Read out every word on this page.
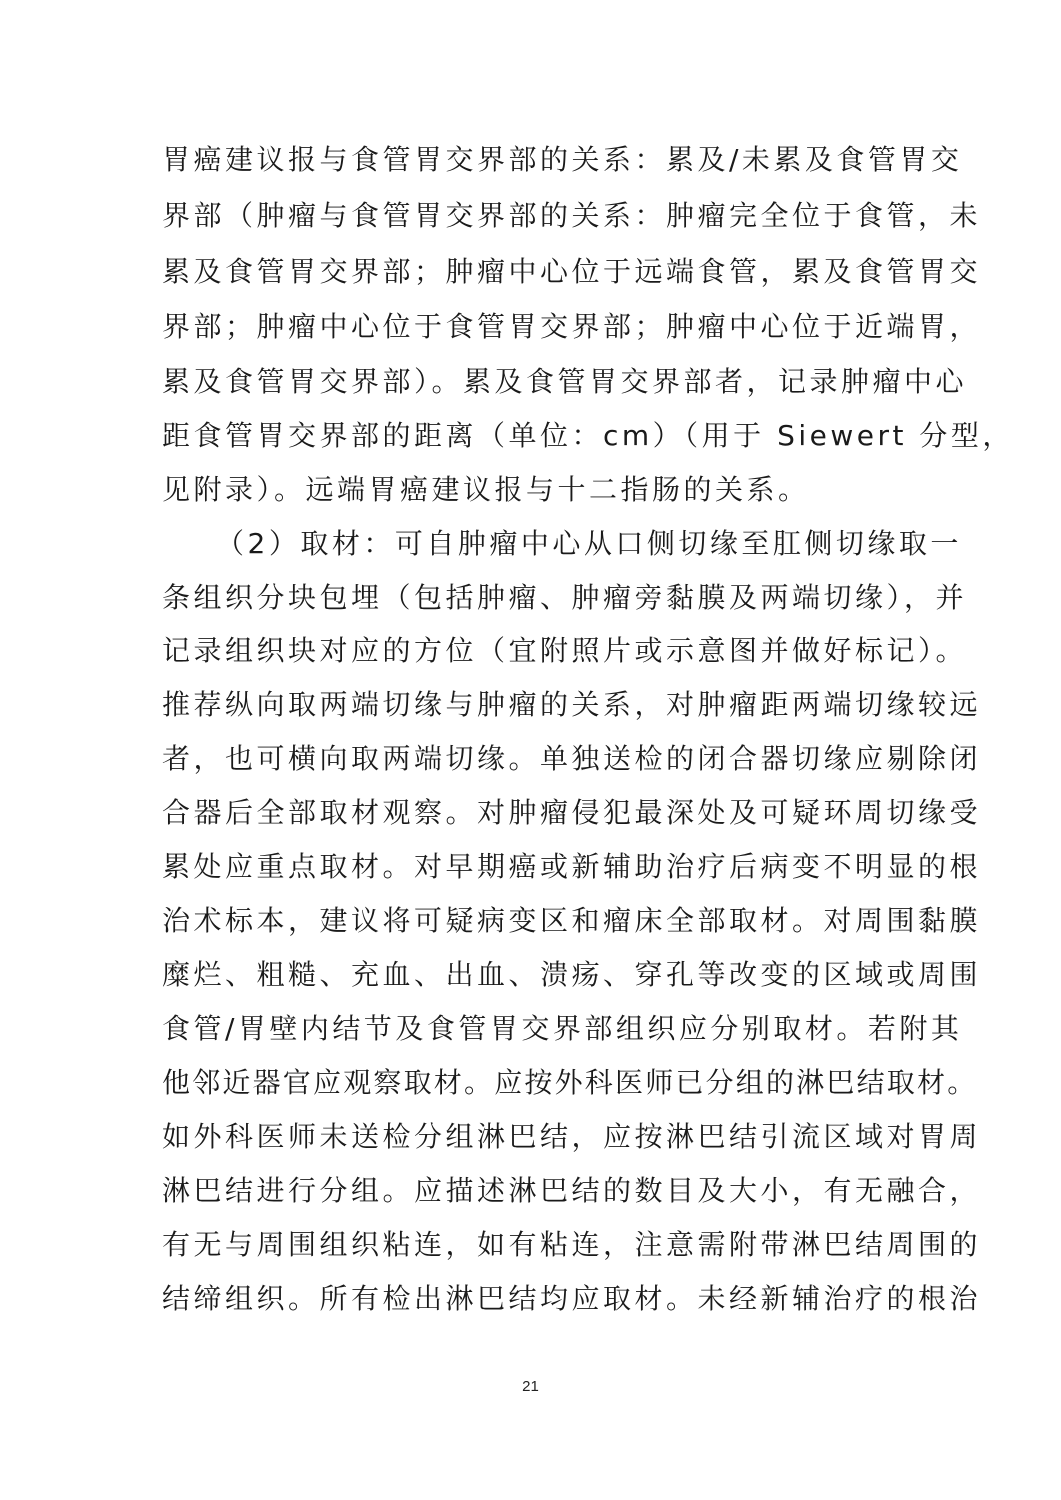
胃癌建议报与食管胃交界部的关系：累及/未累及食管胃交
界部（肿瘤与食管胃交界部的关系：肿瘤完全位于食管，未
累及食管胃交界部；肿瘤中心位于远端食管，累及食管胃交
界部；肿瘤中心位于食管胃交界部；肿瘤中心位于近端胃，
累及食管胃交界部）。累及食管胃交界部者，记录肿瘤中心
距食管胃交界部的距离（单位：cm）（用于 Siewert 分型，
见附录）。远端胃癌建议报与十二指肠的关系。
（2）取材：可自肿瘤中心从口侧切缘至肛侧切缘取一
条组织分块包埋（包括肿瘤、肿瘤旁黏膜及两端切缘），并
记录组织块对应的方位（宜附照片或示意图并做好标记）。
推荐纵向取两端切缘与肿瘤的关系，对肿瘤距两端切缘较远
者，也可横向取两端切缘。单独送检的闭合器切缘应剔除闭
合器后全部取材观察。对肿瘤侵犯最深处及可疑环周切缘受
累处应重点取材。对早期癌或新辅助治疗后病变不明显的根
治术标本，建议将可疑病变区和瘤床全部取材。对周围黏膜
糜烂、粗糙、充血、出血、溃疡、穿孔等改变的区域或周围
食管/胃壁内结节及食管胃交界部组织应分别取材。若附其
他邻近器官应观察取材。应按外科医师已分组的淋巴结取材。
如外科医师未送检分组淋巴结，应按淋巴结引流区域对胃周
淋巴结进行分组。应描述淋巴结的数目及大小，有无融合，
有无与周围组织粘连，如有粘连，注意需附带淋巴结周围的
结缔组织。所有检出淋巴结均应取材。未经新辅治疗的根治
21
